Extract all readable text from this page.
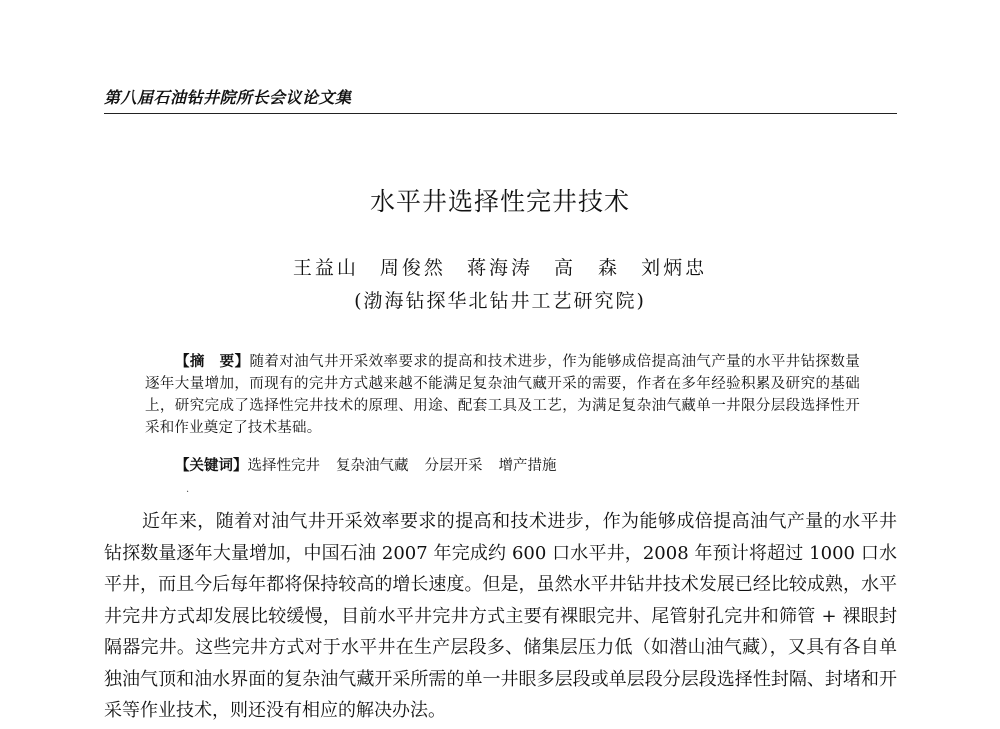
第八届石油钻井院所长会议论文集
水平井选择性完井技术
王益山 周俊然 蒋海涛 高　森 刘炳忠
(渤海钻探华北钻井工艺研究院)
【摘　要】随着对油气井开采效率要求的提高和技术进步，作为能够成倍提高油气产量的水平井钻探数量逐年大量增加，而现有的完井方式越来越不能满足复杂油气藏开采的需要，作者在多年经验积累及研究的基础上，研究完成了选择性完井技术的原理、用途、配套工具及工艺，为满足复杂油气藏单一井限分层段选择性开采和作业奠定了技术基础。
【关键词】选择性完井 复杂油气藏 分层开采 增产措施
·
近年来，随着对油气井开采效率要求的提高和技术进步，作为能够成倍提高油气产量的水平井钻探数量逐年大量增加，中国石油 2007 年完成约 600 口水平井，2008 年预计将超过 1000 口水平井，而且今后每年都将保持较高的增长速度。但是，虽然水平井钻井技术发展已经比较成熟，水平井完井方式却发展比较缓慢，目前水平井完井方式主要有裸眼完井、尾管射孔完井和筛管 + 裸眼封隔器完井。这些完井方式对于水平井在生产层段多、储集层压力低（如潜山油气藏），又具有各自单独油气顶和油水界面的复杂油气藏开采所需的单一井眼多层段或单层段分层段选择性封隔、封堵和开采等作业技术，则还没有相应的解决办法。
